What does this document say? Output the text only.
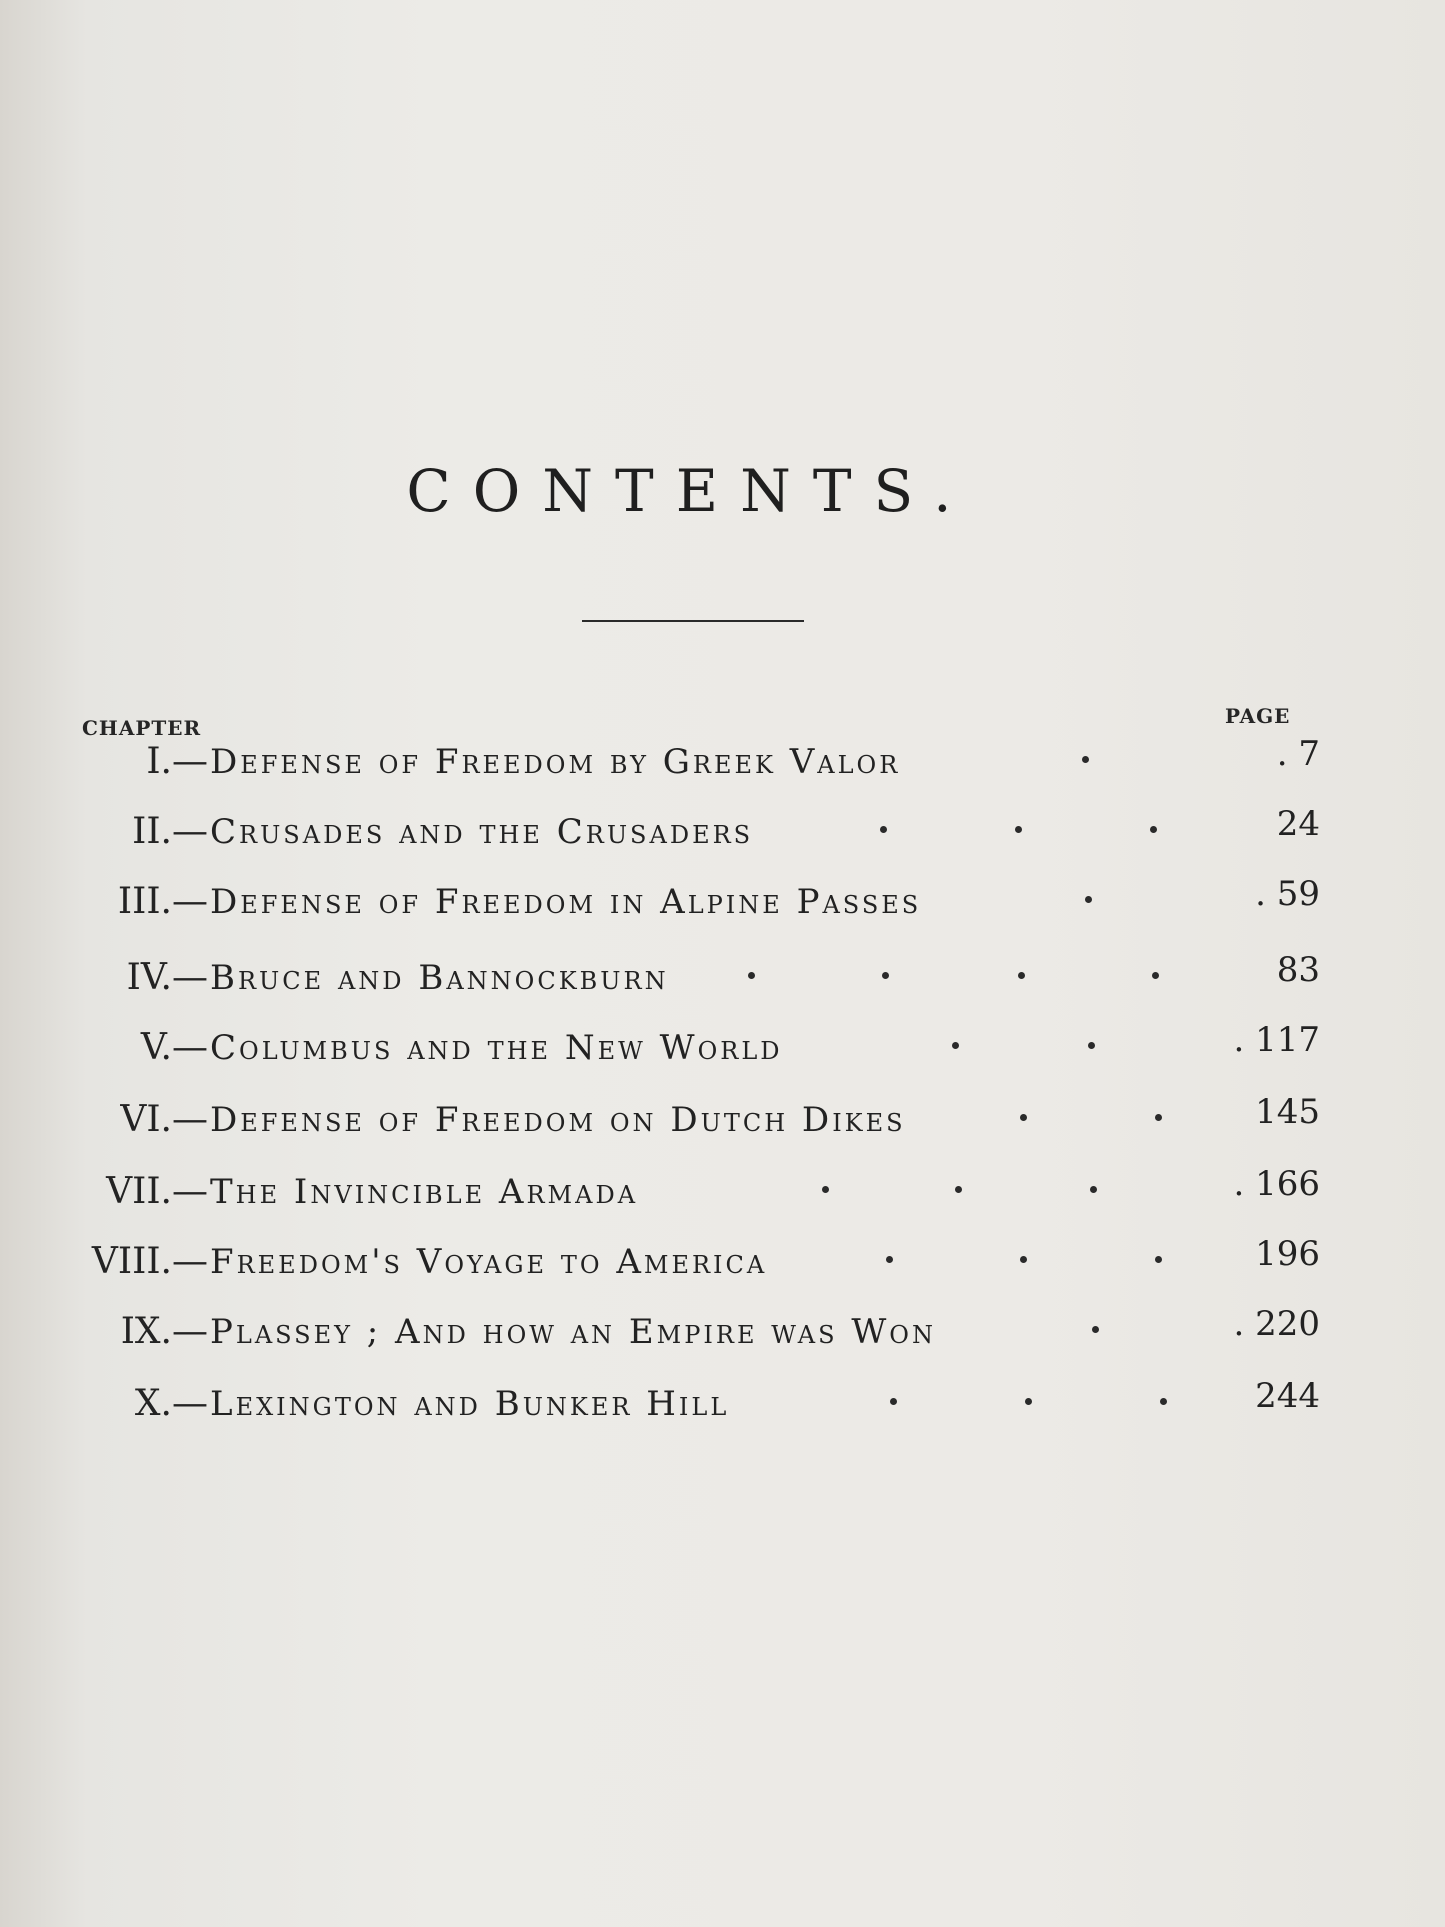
CONTENTS.
CHAPTER	PAGE
I.— Defense of Freedom by Greek Valor	. 7
II.— Crusades and the Crusaders	24
III.— Defense of Freedom in Alpine Passes	. 59
IV.— Bruce and Bannockburn	83
V.— Columbus and the New World	. 117
VI.— Defense of Freedom on Dutch Dikes	145
VII.— The Invincible Armada	. 166
VIII.— Freedom's Voyage to America	196
IX.— Plassey ; And how an Empire was Won	. 220
X.— Lexington and Bunker Hill	244
